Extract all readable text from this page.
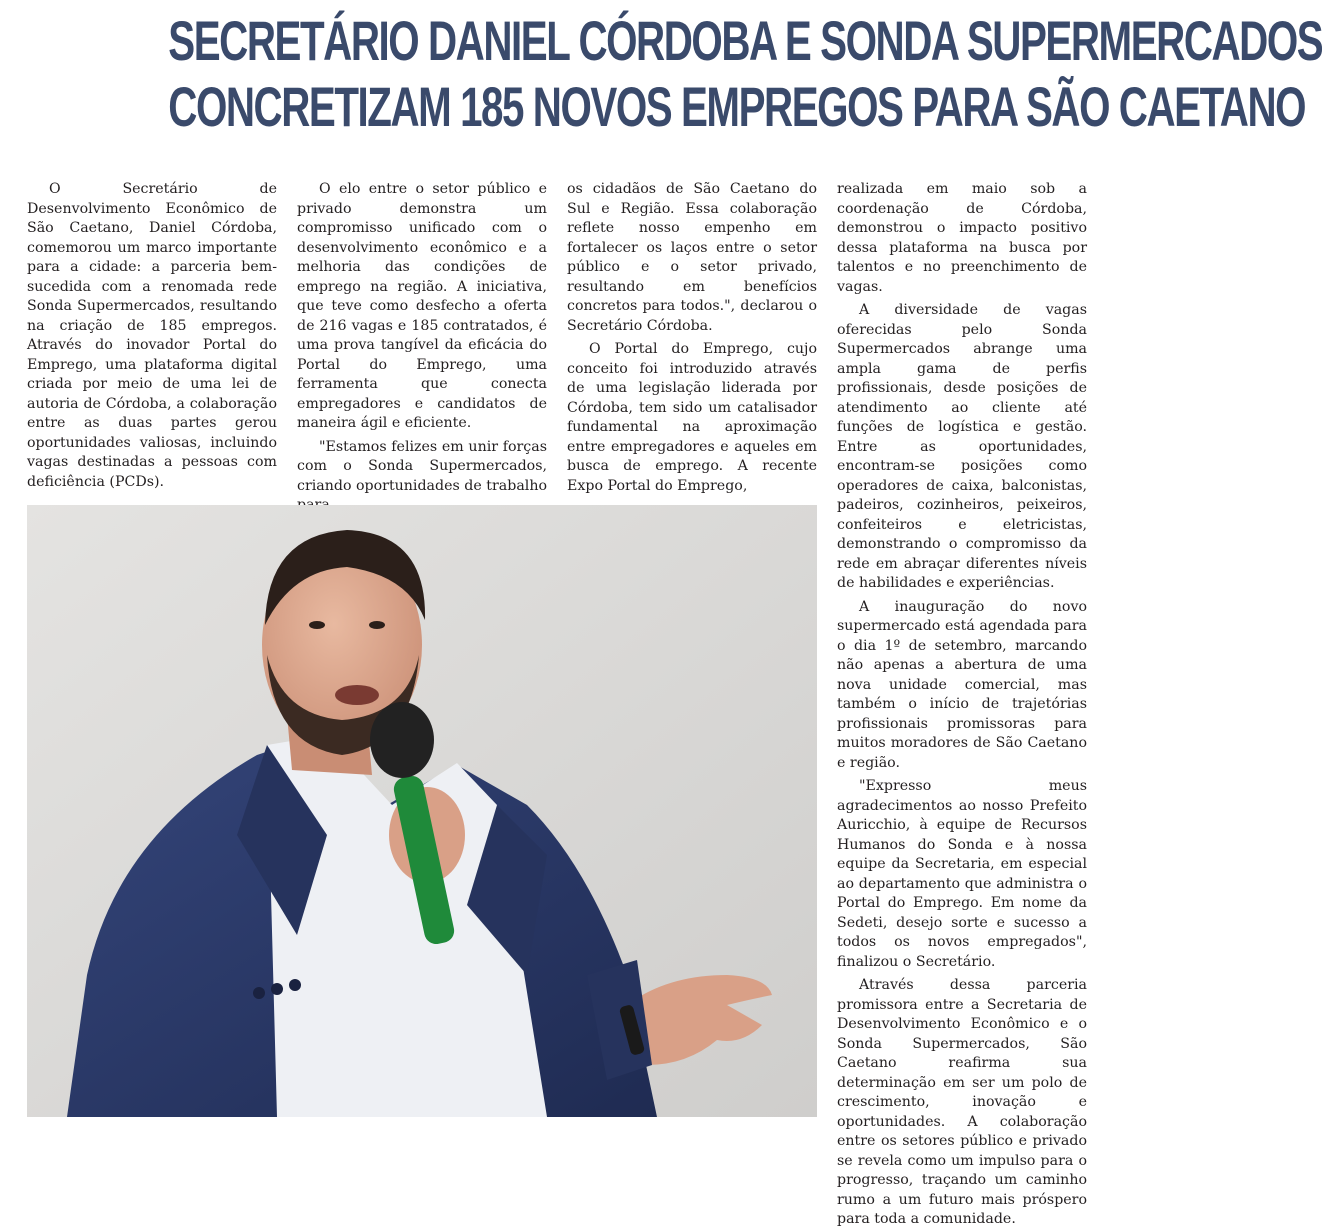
SECRETÁRIO DANIEL CÓRDOBA E SONDA SUPERMERCADOS
CONCRETIZAM 185 NOVOS EMPREGOS PARA SÃO CAETANO

O Secretário de Desenvolvimento Econômico de São Caetano, Daniel Córdoba, comemorou um marco importante para a cidade: a parceria bem-sucedida com a renomada rede Sonda Supermercados, resultando na criação de 185 empregos. Através do inovador Portal do Emprego, uma plataforma digital criada por meio de uma lei de autoria de Córdoba, a colaboração entre as duas partes gerou oportunidades valiosas, incluindo vagas destinadas a pessoas com deficiência (PCDs).

O elo entre o setor público e privado demonstra um compromisso unificado com o desenvolvimento econômico e a melhoria das condições de emprego na região. A iniciativa, que teve como desfecho a oferta de 216 vagas e 185 contratados, é uma prova tangível da eficácia do Portal do Emprego, uma ferramenta que conecta empregadores e candidatos de maneira ágil e eficiente.

"Estamos felizes em unir forças com o Sonda Supermercados, criando oportunidades de trabalho

os cidadãos de São Caetano do Sul e Região. Essa colaboração reflete nosso empenho em fortalecer os laços entre o setor público e o setor privado, resultando em benefícios concretos para todos.", declarou o Secretário Córdoba.

O Portal do Emprego, cujo conceito foi introduzido através de uma legislação liderada por Córdoba, tem sido um catalisador fundamental na aproximação entre empregadores e aqueles em busca de emprego. A recente Expo Portal do Emprego,

realizada em maio sob a coordenação de Córdoba, demonstrou o impacto positivo dessa plataforma na busca por talentos e no preenchimento de vagas.

A diversidade de vagas oferecidas pelo Sonda Supermercados abrange uma ampla gama de perfis profissionais, desde posições de atendimento ao cliente até funções de logística e gestão. Entre as oportunidades, encontram-se posições como operadores de caixa, balconistas, padeiros, cozinheiros, peixeiros, confeiteiros e eletricistas, demonstrando o compromisso da rede em abraçar diferentes níveis de habilidades e experiências.

A inauguração do novo supermercado está agendada para o dia 1º de setembro, marcando não apenas a abertura de uma nova unidade comercial, mas também o início de trajetórias profissionais promissoras para muitos moradores de São Caetano e região.

"Expresso meus agradecimentos ao nosso Prefeito Auricchio, à equipe de Recursos Humanos do Sonda e à nossa equipe da Secretaria, em especial ao departamento que administra o Portal do Emprego. Em nome da Sedeti, desejo sorte e sucesso a todos os novos empregados", finalizou o Secretário.

Através dessa parceria promissora entre a Secretaria de Desenvolvimento Econômico e o Sonda Supermercados, São Caetano reafirma sua determinação em ser um polo de crescimento, inovação e oportunidades. A colaboração entre os setores público e privado se revela como um impulso para o progresso, traçando um caminho rumo a um futuro mais próspero para toda a comunidade.
